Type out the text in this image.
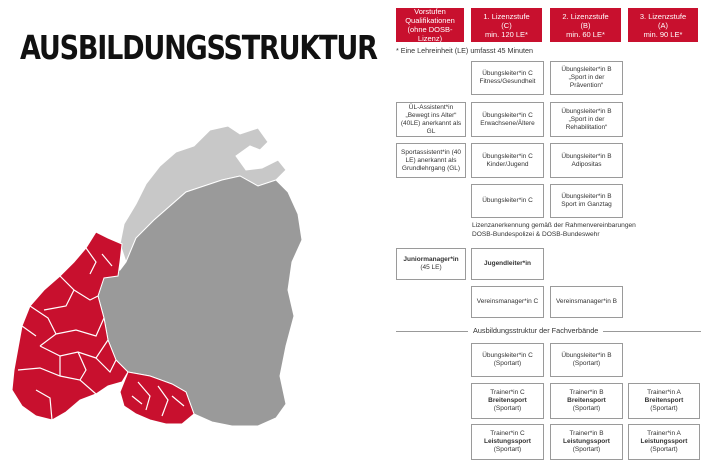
AUSBILDUNGSSTRUKTUR
Vorstufen
Qualifikationen
(ohne DOSB-Lizenz)
1. Lizenzstufe
(C)
min. 120 LE*
2. Lizenzstufe
(B)
min. 60 LE*
3. Lizenzstufe
(A)
min. 90 LE*
* Eine Lehreinheit (LE) umfasst 45 Minuten
Übungsleiter*in C
Fitness/Gesundheit
Übungsleiter*in B
„Sport in der
Prävention“
ÜL-Assistent*in
„Bewegt ins Alter“
(40LE) anerkannt als GL
Übungsleiter*in C
Erwachsene/Ältere
Übungsleiter*in B
„Sport in der
Rehabilitation“
Sportassistent*in (40
LE) anerkannt als
Grundlehrgang (GL)
Übungsleiter*in C
Kinder/Jugend
Übungsleiter*in B
Adipositas
Übungsleiter*in C
Übungsleiter*in B
Sport im Ganztag
Lizenzanerkennung gemäß der Rahmenvereinbarungen
DOSB-Bundespolizei & DOSB-Bundeswehr
Juniormanager*in
(45 LE)
Jugendleiter*in
Vereinsmanager*in C	Vereinsmanager*in B
Ausbildungsstruktur der Fachverbände
Übungsleiter*in C
(Sportart)
Übungsleiter*in B
(Sportart)
Trainer*in C
Breitensport
(Sportart)
Trainer*in B
Breitensport
(Sportart)
Trainer*in A
Breitensport
(Sportart)
Trainer*in C
Leistungssport
(Sportart)
Trainer*in B
Leistungssport
(Sportart)
Trainer*in A
Leistungssport
(Sportart)
